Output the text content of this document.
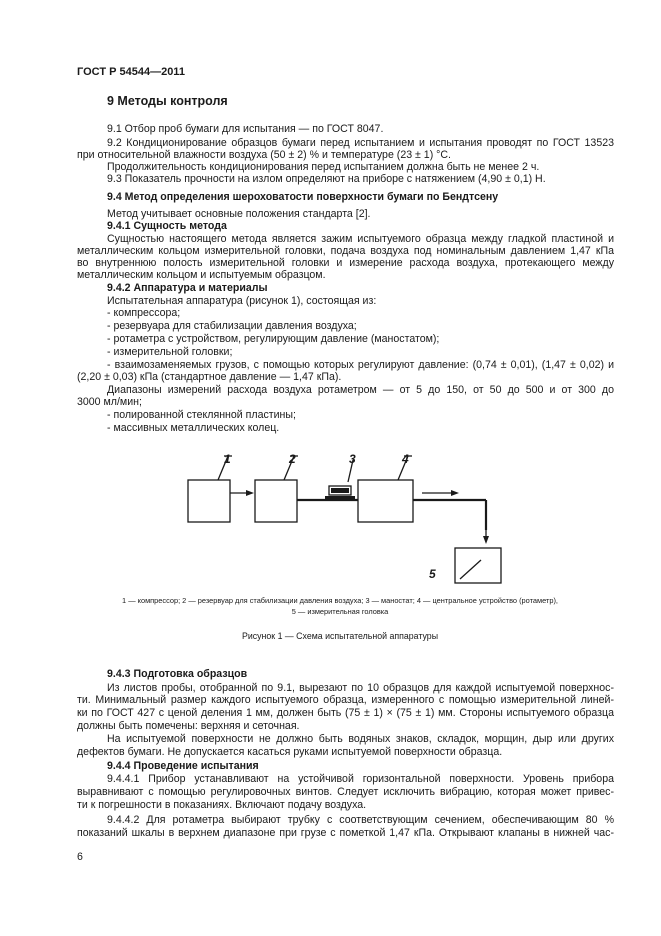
ГОСТ Р 54544—2011
9 Методы контроля
9.1 Отбор проб бумаги для испытания — по ГОСТ 8047.
9.2 Кондиционирование образцов бумаги перед испытанием и испытания проводят по ГОСТ 13523
при относительной влажности воздуха (50 ± 2) % и температуре (23 ± 1) °С.
Продолжительность кондиционирования перед испытанием должна быть не менее 2 ч.
9.3 Показатель прочности на излом определяют на приборе с натяжением (4,90 ± 0,1) Н.
9.4 Метод определения шероховатости поверхности бумаги по Бендтсену
Метод учитывает основные положения стандарта [2].
9.4.1 Сущность метода
Сущностью настоящего метода является зажим испытуемого образца между гладкой пластиной и
металлическим кольцом измерительной головки, подача воздуха под номинальным давлением 1,47 кПа
во внутреннюю полость измерительной головки и измерение расхода воздуха, протекающего между
металлическим кольцом и испытуемым образцом.
9.4.2 Аппаратура и материалы
Испытательная аппаратура (рисунок 1), состоящая из:
- компрессора;
- резервуара для стабилизации давления воздуха;
- ротаметра с устройством, регулирующим давление (маностатом);
- измерительной головки;
- взаимозаменяемых грузов, с помощью которых регулируют давление: (0,74 ± 0,01), (1,47 ± 0,02) и
(2,20 ± 0,03) кПа (стандартное давление — 1,47 кПа).
Диапазоны измерений расхода воздуха ротаметром — от 5 до 150, от 50 до 500 и от 300 до
3000 мл/мин;
- полированной стеклянной пластины;
- массивных металлических колец.
1	2	3	4
5
1 — компрессор; 2 — резервуар для стабилизации давления воздуха; 3 — маностат; 4 — центральное устройство (ротаметр),
5 — измерительная головка
Рисунок 1 — Схема испытательной аппаратуры
9.4.3 Подготовка образцов
Из листов пробы, отобранной по 9.1, вырезают по 10 образцов для каждой испытуемой поверхнос-
ти. Минимальный размер каждого испытуемого образца, измеренного с помощью измерительной линей-
ки по ГОСТ 427 с ценой деления 1 мм, должен быть (75 ± 1) × (75 ± 1) мм. Стороны испытуемого образца
должны быть помечены: верхняя и сеточная.
На испытуемой поверхности не должно быть водяных знаков, складок, морщин, дыр или других
дефектов бумаги. Не допускается касаться руками испытуемой поверхности образца.
9.4.4 Проведение испытания
9.4.4.1 Прибор устанавливают на устойчивой горизонтальной поверхности. Уровень прибора
выравнивают с помощью регулировочных винтов. Следует исключить вибрацию, которая может привес-
ти к погрешности в показаниях. Включают подачу воздуха.
9.4.4.2 Для ротаметра выбирают трубку с соответствующим сечением, обеспечивающим 80 %
показаний шкалы в верхнем диапазоне при грузе с пометкой 1,47 кПа. Открывают клапаны в нижней час-
6
